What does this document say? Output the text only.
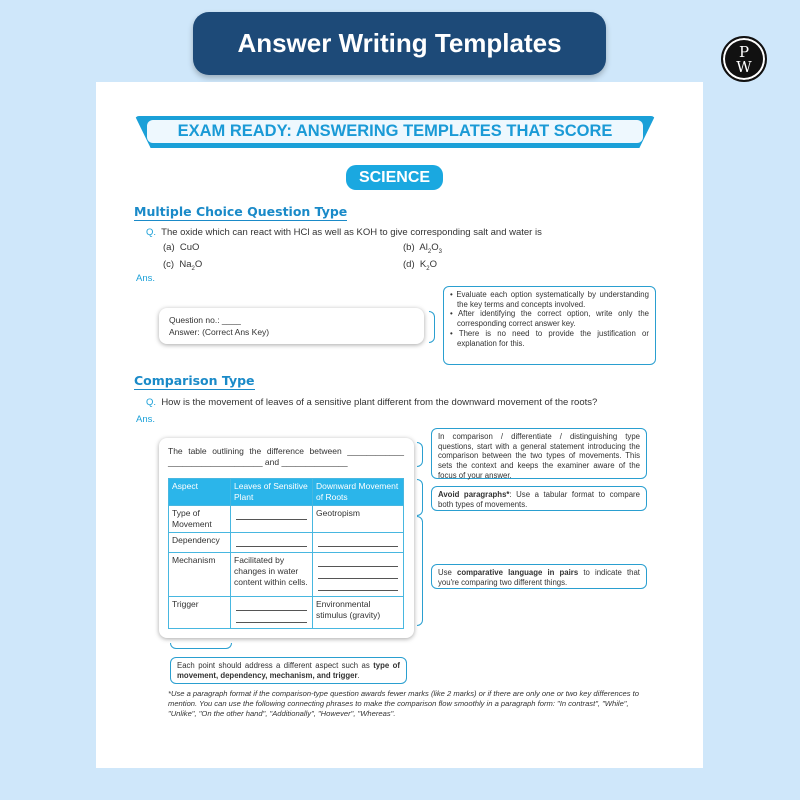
Answer Writing Templates	P
W
EXAM READY: ANSWERING TEMPLATES THAT SCORE
SCIENCE
Multiple Choice Question Type
Q. The oxide which can react with HCl as well as KOH to give corresponding salt and water is
(a) CuO	(b) $Al_2O_3$
(c) $Na_2O$	(d) $K_2O$
Ans.
Question no.: ____
Answer: (Correct Ans Key)
• Evaluate each option systematically by understanding the key terms and concepts involved.
• After identifying the correct option, write only the corresponding correct answer key.
• There is no need to provide the justification or explanation for this.
Comparison Type
Q. How is the movement of leaves of a sensitive plant different from the downward movement of the roots?
Ans.
The table outlining the difference between ____________ ____________________ and ______________
Aspect	Leaves of Sensitive Plant	Downward Movement of Roots
Type of Movement		Geotropism
Dependency	

Mechanism	Facilitated by changes in water content within cells.	

Trigger		Environmental stimulus (gravity)
In comparison / differentiate / distinguishing type questions, start with a general statement introducing the comparison between the two types of movements. This sets the context and keeps the examiner aware of the focus of your answer.
Avoid paragraphs*: Use a tabular format to compare both types of movements.
Use comparative language in pairs to indicate that you're comparing two different things.
Each point should address a different aspect such as type of movement, dependency, mechanism, and trigger.
*Use a paragraph format if the comparison-type question awards fewer marks (like 2 marks) or if there are only one or two key differences to mention. You can use the following connecting phrases to make the comparison flow smoothly in a paragraph form: "In contrast", "While", "Unlike", "On the other hand", "Additionally", "However", "Whereas".
